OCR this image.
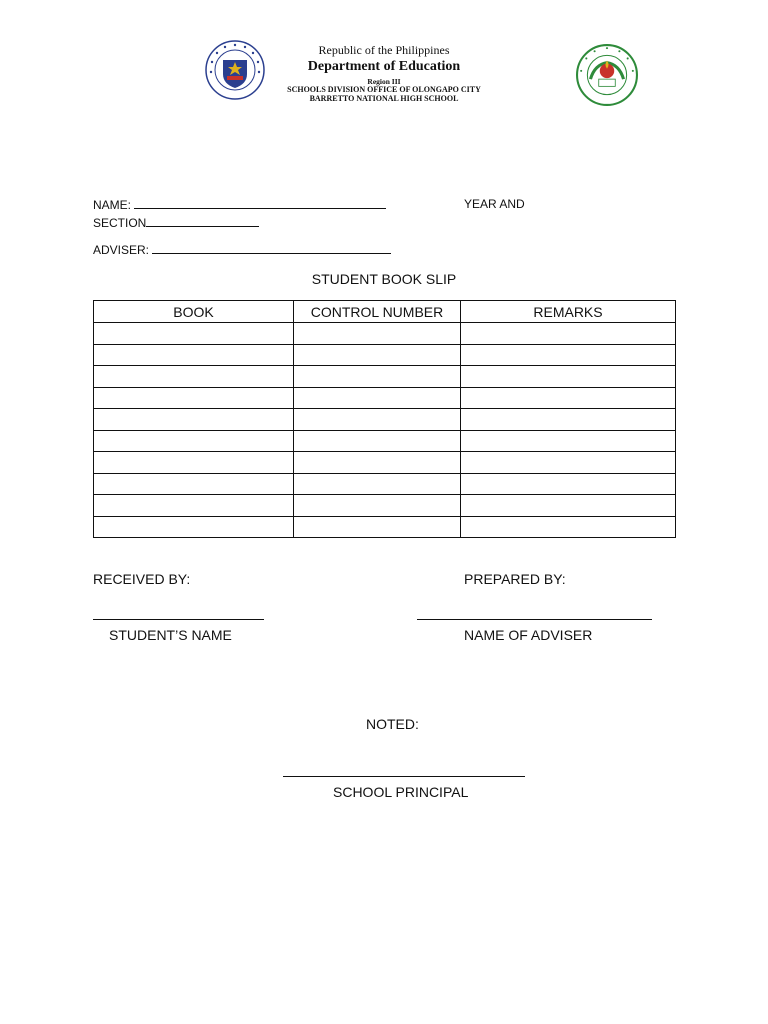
Republic of the Philippines
Department of Education
Region III
SCHOOLS DIVISION OFFICE OF OLONGAPO CITY
BARRETTO NATIONAL HIGH SCHOOL
NAME:	YEAR AND
SECTION
ADVISER:
STUDENT BOOK SLIP
BOOK	CONTROL NUMBER	REMARKS

RECEIVED BY:	PREPARED BY:
STUDENT’S NAME	NAME OF ADVISER
NOTED:
SCHOOL PRINCIPAL
